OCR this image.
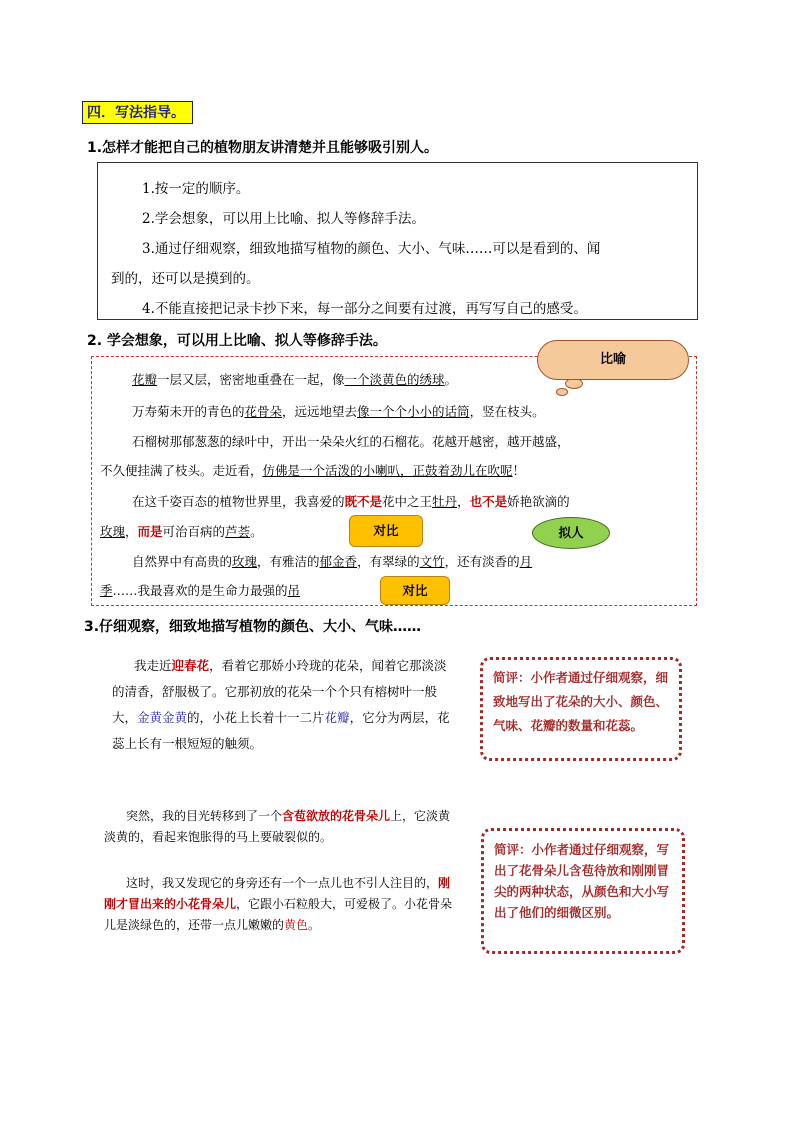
四．写法指导。
1.怎样才能把自己的植物朋友讲清楚并且能够吸引别人。

1.按一定的顺序。

2.学会想象，可以用上比喻、拟人等修辞手法。

3.通过仔细观察，细致地描写植物的颜色、大小、气味……可以是看到的、闻

到的，还可以是摸到的。

4.不能直接把记录卡抄下来，每一部分之间要有过渡，再写写自己的感受。

2. 学会想象，可以用上比喻、拟人等修辞手法。
比喻

花瓣一层又层，密密地重叠在一起，像一个淡黄色的绣球。

万寿菊未开的青色的花骨朵，远远地望去像一个个小小的话筒，竖在枝头。

石榴树那郁葱葱的绿叶中，开出一朵朵火红的石榴花。花越开越密，越开越盛，

不久便挂满了枝头。走近看，仿佛是一个活泼的小喇叭，正鼓着劲儿在吹呢！

在这千姿百态的植物世界里，我喜爱的既不是花中之王牡丹，也不是娇艳欲滴的

玫瑰，而是可治百病的芦荟。

自然界中有高贵的玫瑰，有雅洁的郁金香，有翠绿的文竹，还有淡香的月

季……我最喜欢的是生命力最强的吊

对比	拟人
对比
3.仔细观察，细致地描写植物的颜色、大小、气味……

我走近迎春花，看着它那娇小玲珑的花朵，闻着它那淡淡的清香，舒服极了。它那初放的花朵一个个只有榕树叶一般大，金黄金黄的，小花上长着十一二片花瓣，它分为两层，花蕊上长有一根短短的触须。

简评：小作者通过仔细观察，细致地写出了花朵的大小、颜色、气味、花瓣的数量和花蕊。

突然，我的目光转移到了一个含苞欲放的花骨朵儿上，它淡黄淡黄的，看起来饱胀得的马上要破裂似的。

这时，我又发现它的身旁还有一个一点儿也不引人注目的，刚刚才冒出来的小花骨朵儿，它跟小石粒般大，可爱极了。小花骨朵儿是淡绿色的，还带一点儿嫩嫩的黄色。

简评：小作者通过仔细观察，写出了花骨朵儿含苞待放和刚刚冒尖的两种状态，从颜色和大小写出了他们的细微区别。
